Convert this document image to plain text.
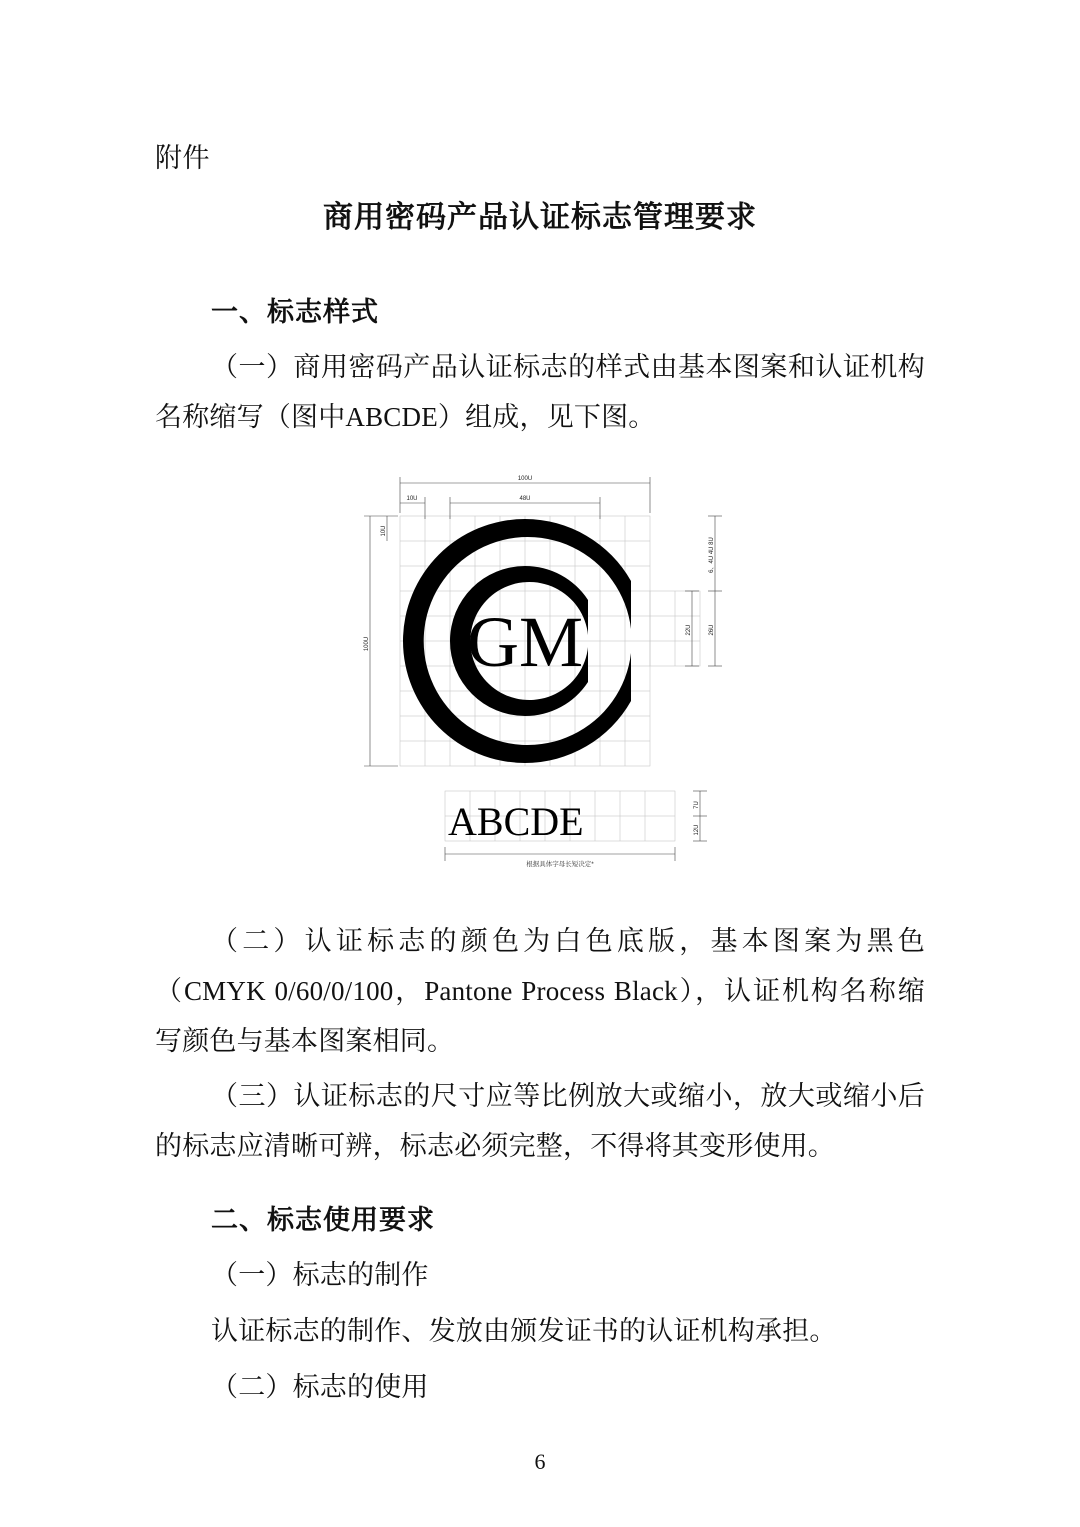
附件
商用密码产品认证标志管理要求
一、标志样式

（一）商用密码产品认证标志的样式由基本图案和认证机构名称缩写（图中ABCDE）组成，见下图。

100U
10U	48U
10U
100U
6、4U 4U 8U
22U	26U
7U
12U
根据具体字母长短决定*
GM
ABCDE

（二）认证标志的颜色为白色底版，基本图案为黑色（CMYK 0/60/0/100，Pantone Process Black），认证机构名称缩写颜色与基本图案相同。

（三）认证标志的尺寸应等比例放大或缩小，放大或缩小后的标志应清晰可辨，标志必须完整，不得将其变形使用。

二、标志使用要求

（一）标志的制作

认证标志的制作、发放由颁发证书的认证机构承担。

（二）标志的使用

6
